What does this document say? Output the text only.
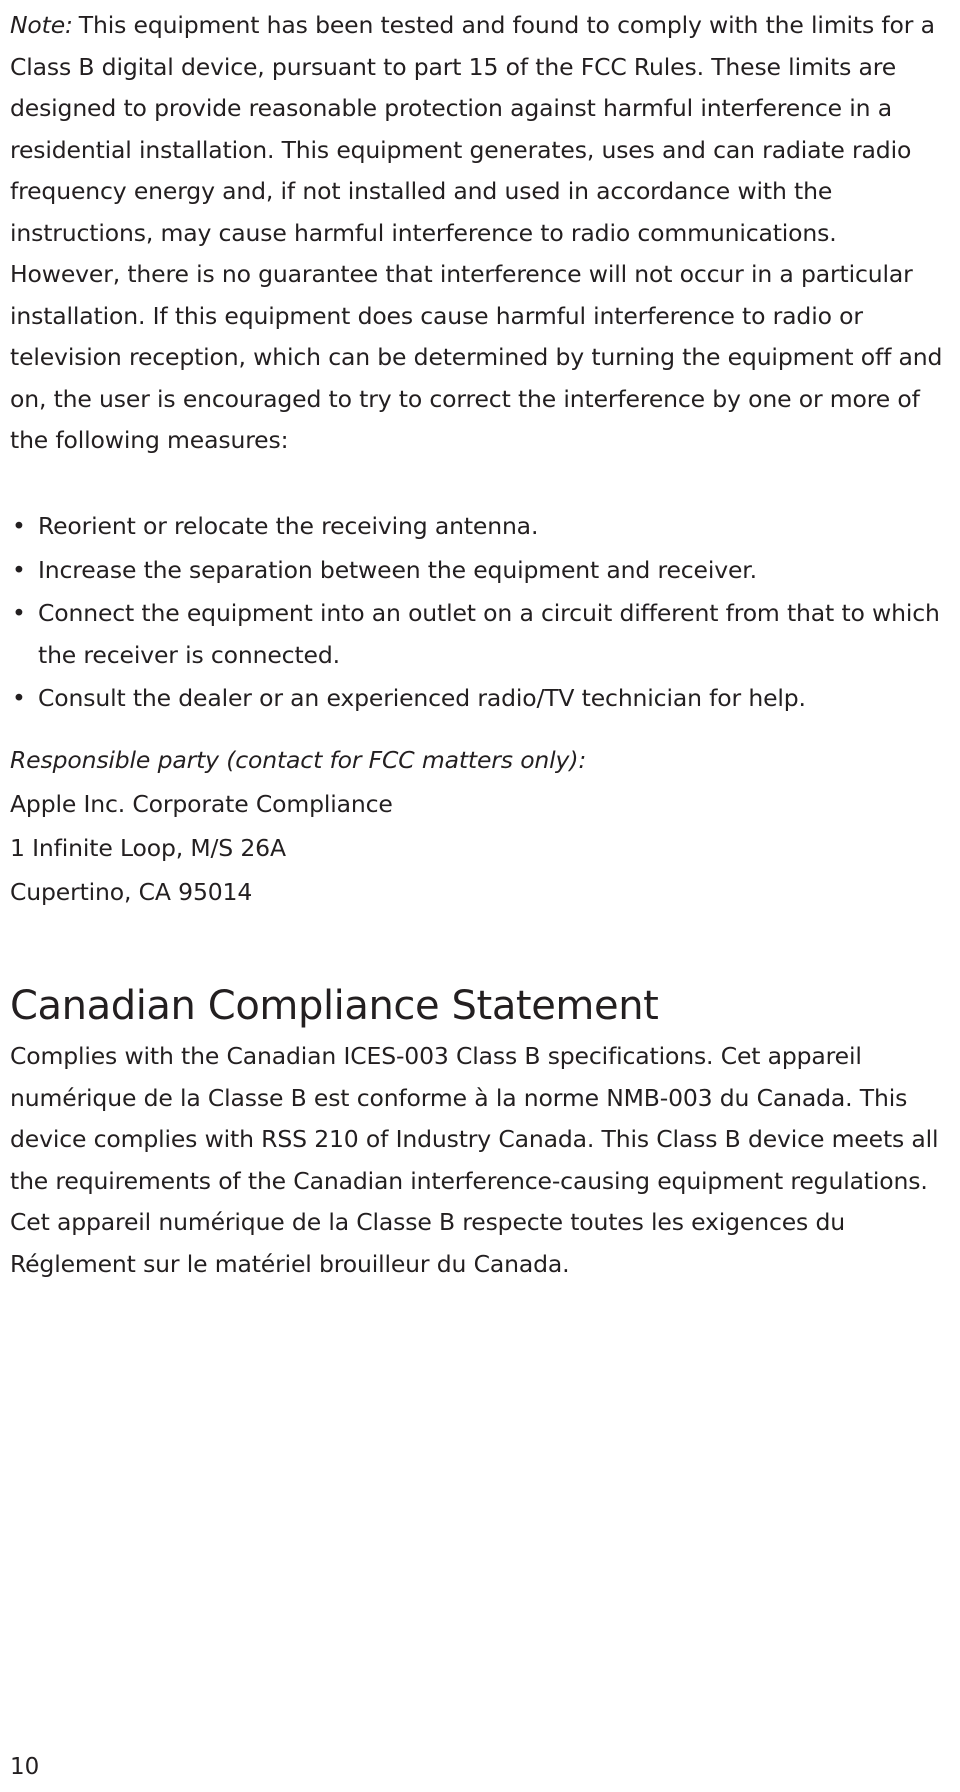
Note: This equipment has been tested and found to comply with the limits for a Class B digital device, pursuant to part 15 of the FCC Rules. These limits are designed to provide reasonable protection against harmful interference in a residential installation. This equipment generates, uses and can radiate radio frequency energy and, if not installed and used in accordance with the instructions, may cause harmful interference to radio communications. However, there is no guarantee that interference will not occur in a particular installation. If this equipment does cause harmful interference to radio or television reception, which can be determined by turning the equipment off and on, the user is encouraged to try to correct the interference by one or more of the following measures:
• Reorient or relocate the receiving antenna.
• Increase the separation between the equipment and receiver.
• Connect the equipment into an outlet on a circuit different from that to which the receiver is connected.
• Consult the dealer or an experienced radio/TV technician for help.
Responsible party (contact for FCC matters only):
Apple Inc. Corporate Compliance
1 Infinite Loop, M/S 26A
Cupertino, CA 95014
Canadian Compliance Statement
Complies with the Canadian ICES-003 Class B specifications. Cet appareil numérique de la Classe B est conforme à la norme NMB-003 du Canada. This device complies with RSS 210 of Industry Canada. This Class B device meets all the requirements of the Canadian interference-causing equipment regulations. Cet appareil numérique de la Classe B respecte toutes les exigences du Réglement sur le matériel brouilleur du Canada.
10
